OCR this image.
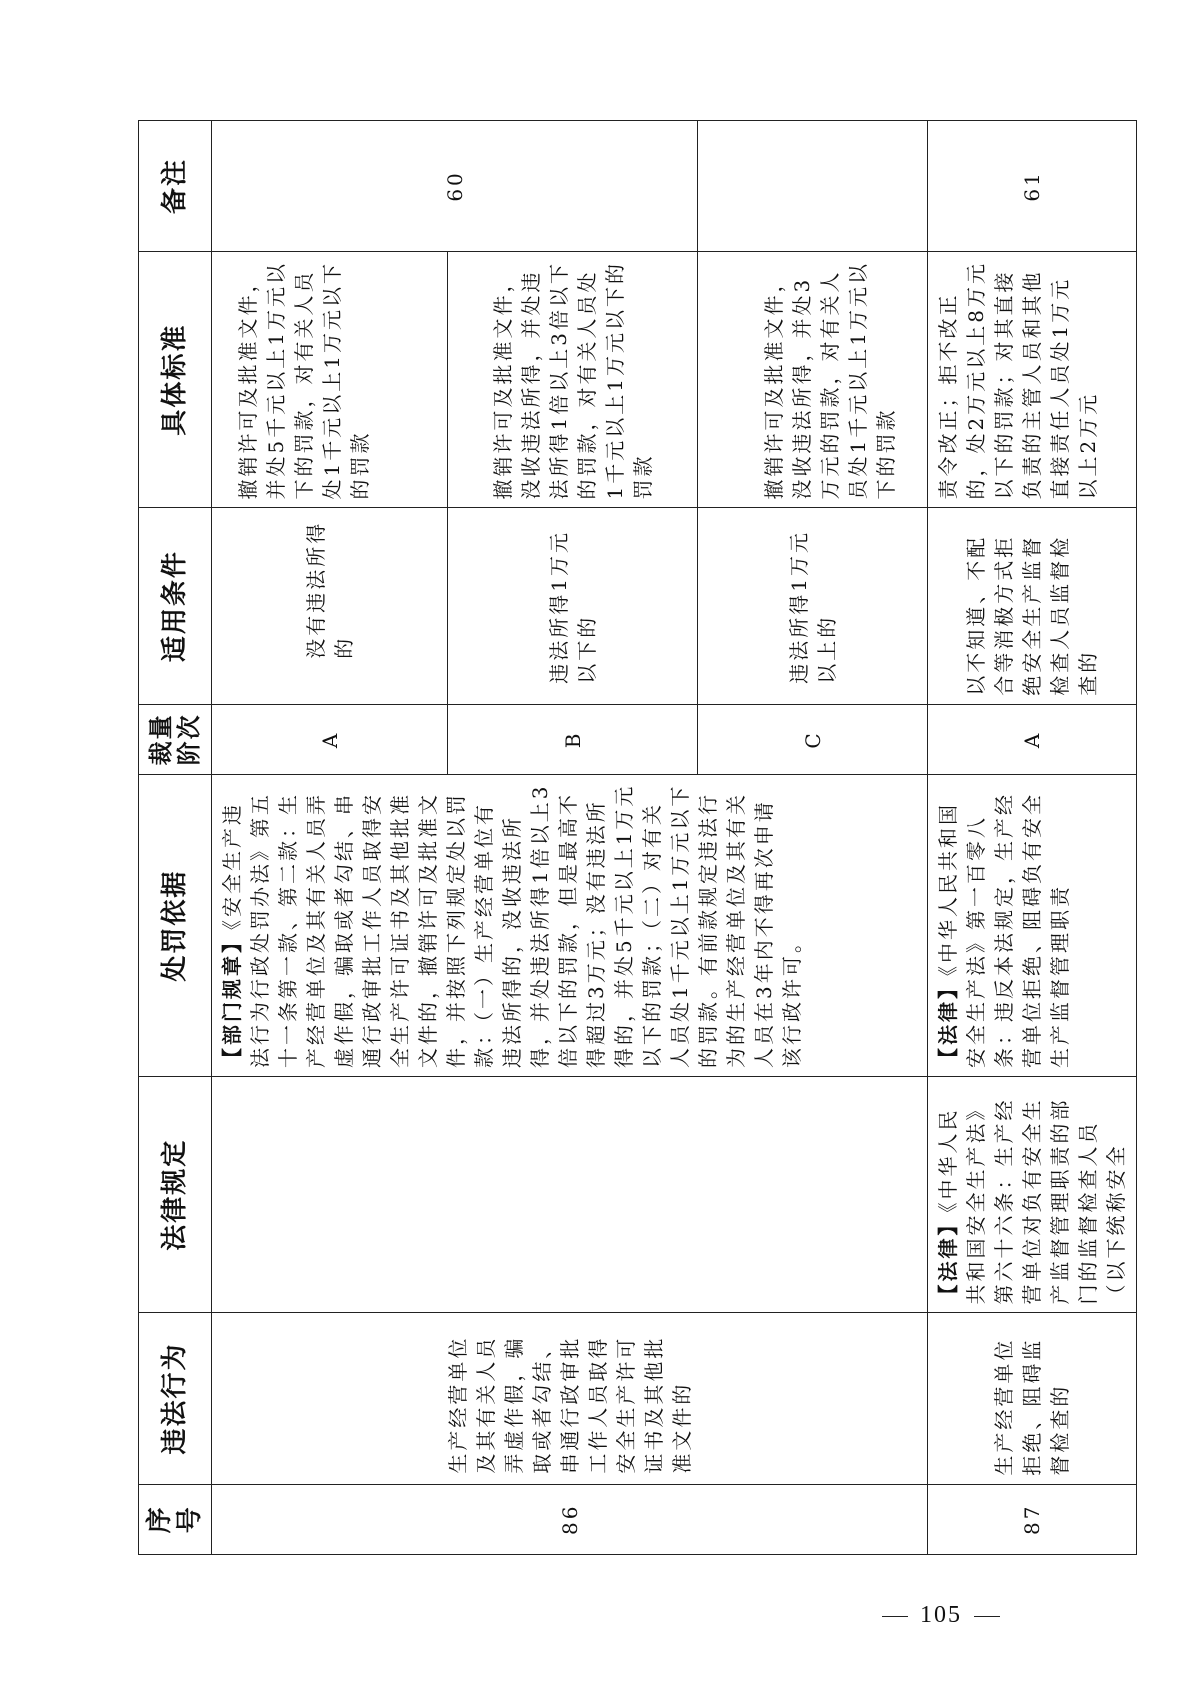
序号	违法行为	法律规定	处罚依据	裁量阶次	适用条件	具体标准	备注
86	生产经营单位及其有关人员弄虚作假，骗取或者勾结、串通行政审批工作人员取得安全生产许可证书及其他批准文件的		【部门规章】《安全生产违法行为行政处罚办法》第五十一条第一款、第二款：生产经营单位及其有关人员弄虚作假，骗取或者勾结、串通行政审批工作人员取得安全生产许可证书及其他批准文件的，撤销许可及批准文件，并按照下列规定处以罚款：（一）生产经营单位有违法所得的，没收违法所得，并处违法所得1倍以上3倍以下的罚款，但是最高不得超过3万元；没有违法所得的，并处5千元以上1万元以下的罚款；（二）对有关人员处1千元以上1万元以下的罚款。有前款规定违法行为的生产经营单位及其有关人员在3年内不得再次申请该行政许可。	A	没有违法所得的	撤销许可及批准文件，并处5千元以上1万元以下的罚款，对有关人员处1千元以上1万元以下的罚款	60
				B	违法所得1万元以下的	撤销许可及批准文件，没收违法所得，并处违法所得1倍以上3倍以下的罚款，对有关人员处1千元以上1万元以下的罚款	
				C	违法所得1万元以上的	撤销许可及批准文件，没收违法所得，并处3万元的罚款，对有关人员处1千元以上1万元以下的罚款	
87	生产经营单位拒绝、阻碍监督检查的	【法律】《中华人民共和国安全生产法》第六十六条：生产经营单位对负有安全生产监督管理职责的部门的监督检查人员（以下统称安全	【法律】《中华人民共和国安全生产法》第一百零八条：违反本法规定，生产经营单位拒绝、阻碍负有安全生产监督管理职责	A	以不知道、不配合等消极方式拒绝安全生产监督检查人员监督检查的	责令改正；拒不改正的，处2万元以上8万元以下的罚款；对其直接负责的主管人员和其他直接责任人员处1万元以上2万元	61
105
